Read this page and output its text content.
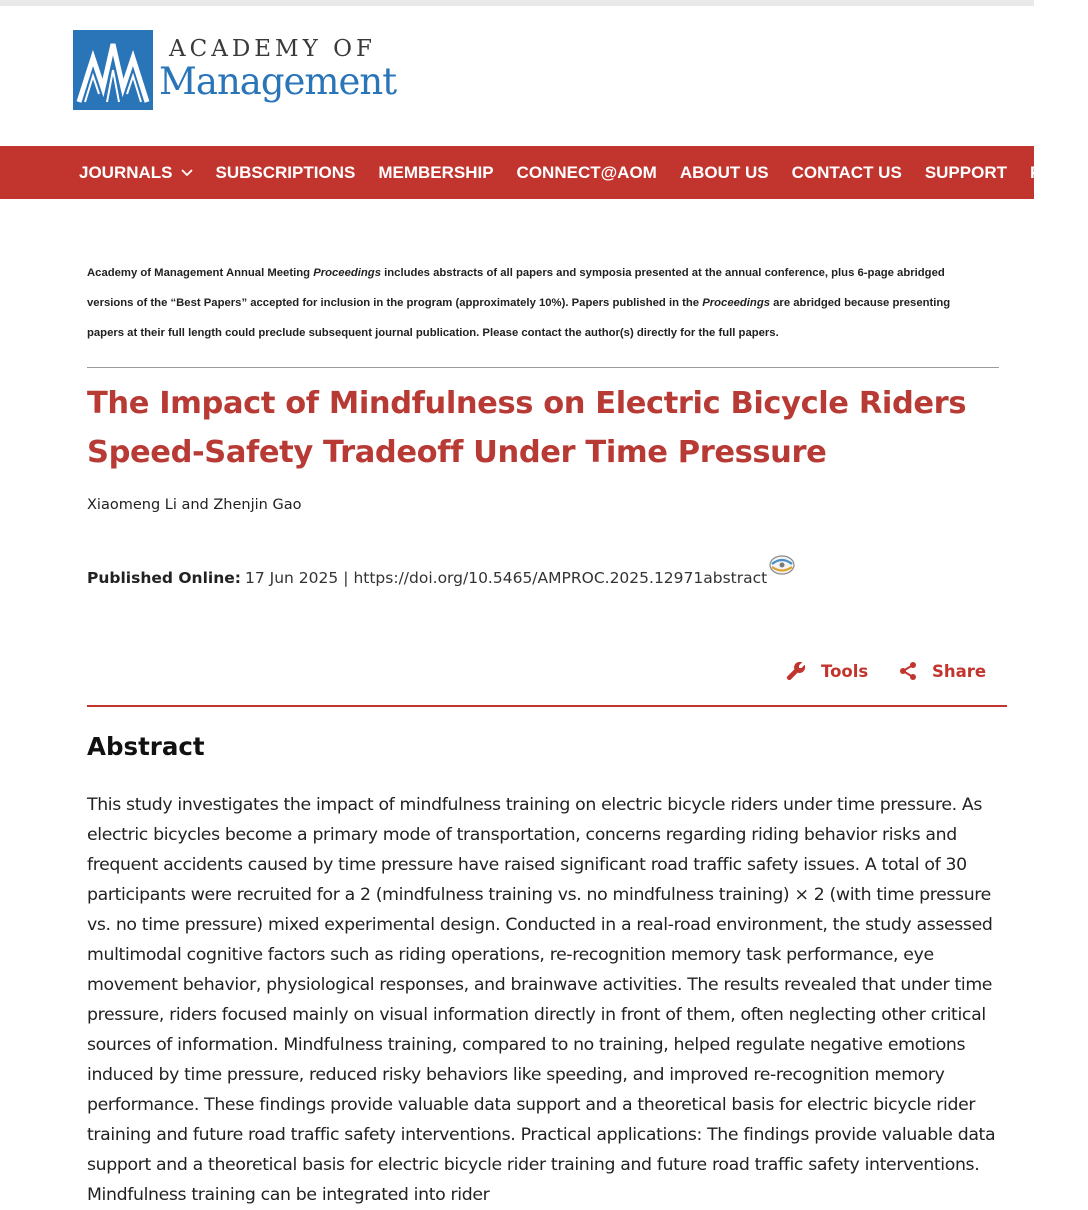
ACADEMY OF
Management
JOURNALS	SUBSCRIPTIONS MEMBERSHIP CONNECT@AOM ABOUT US CONTACT US SUPPORT FAQ
Academy of Management Annual Meeting Proceedings includes abstracts of all papers and symposia presented at the annual conference, plus 6-page abridged versions of the “Best Papers” accepted for inclusion in the program (approximately 10%). Papers published in the Proceedings are abridged because presenting papers at their full length could preclude subsequent journal publication. Please contact the author(s) directly for the full papers.
The Impact of Mindfulness on Electric Bicycle Riders Speed-Safety Tradeoff Under Time Pressure
Xiaomeng Li and Zhenjin Gao
Published Online: 17 Jun 2025 | https://doi.org/10.5465/AMPROC.2025.12971abstract
Tools	Share
Abstract

This study investigates the impact of mindfulness training on electric bicycle riders under time pressure. As electric bicycles become a primary mode of transportation, concerns regarding riding behavior risks and frequent accidents caused by time pressure have raised significant road traffic safety issues. A total of 30 participants were recruited for a 2 (mindfulness training vs. no mindfulness training) × 2 (with time pressure vs. no time pressure) mixed experimental design. Conducted in a real-road environment, the study assessed multimodal cognitive factors such as riding operations, re-recognition memory task performance, eye movement behavior, physiological responses, and brainwave activities. The results revealed that under time pressure, riders focused mainly on visual information directly in front of them, often neglecting other critical sources of information. Mindfulness training, compared to no training, helped regulate negative emotions induced by time pressure, reduced risky behaviors like speeding, and improved re-recognition memory performance. These findings provide valuable data support and a theoretical basis for electric bicycle rider training and future road traffic safety interventions. Practical applications: The findings provide valuable data support and a theoretical basis for electric bicycle rider training and future road traffic safety interventions. Mindfulness training can be integrated into rider
